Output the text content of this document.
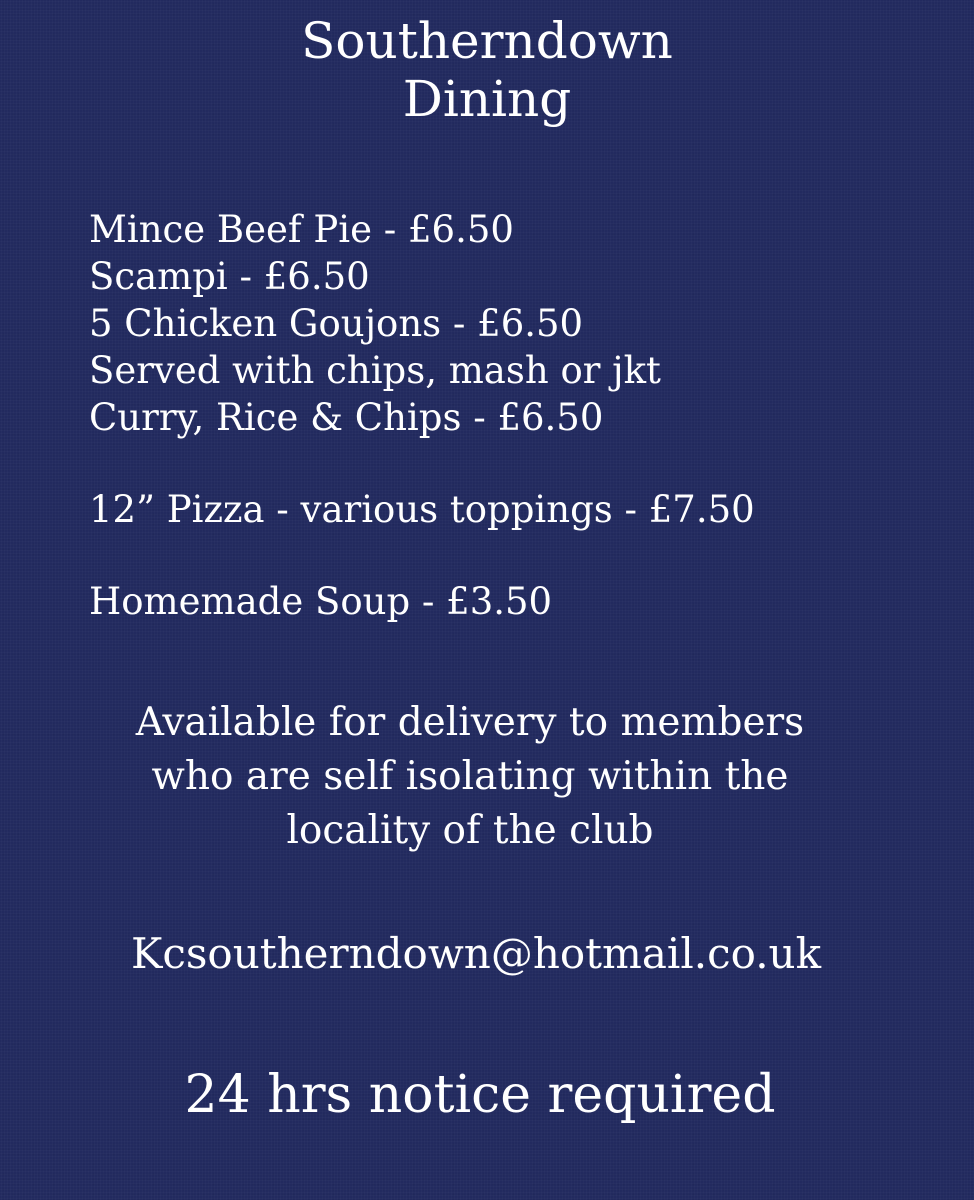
Southerndown
Dining
Mince Beef Pie - £6.50
Scampi - £6.50
5 Chicken Goujons - £6.50
Served with chips, mash or jkt
Curry, Rice & Chips - £6.50
12” Pizza - various toppings - £7.50
Homemade Soup - £3.50
Available for delivery to members
who are self isolating within the
locality of the club
Kcsoutherndown@hotmail.co.uk
24 hrs notice required
